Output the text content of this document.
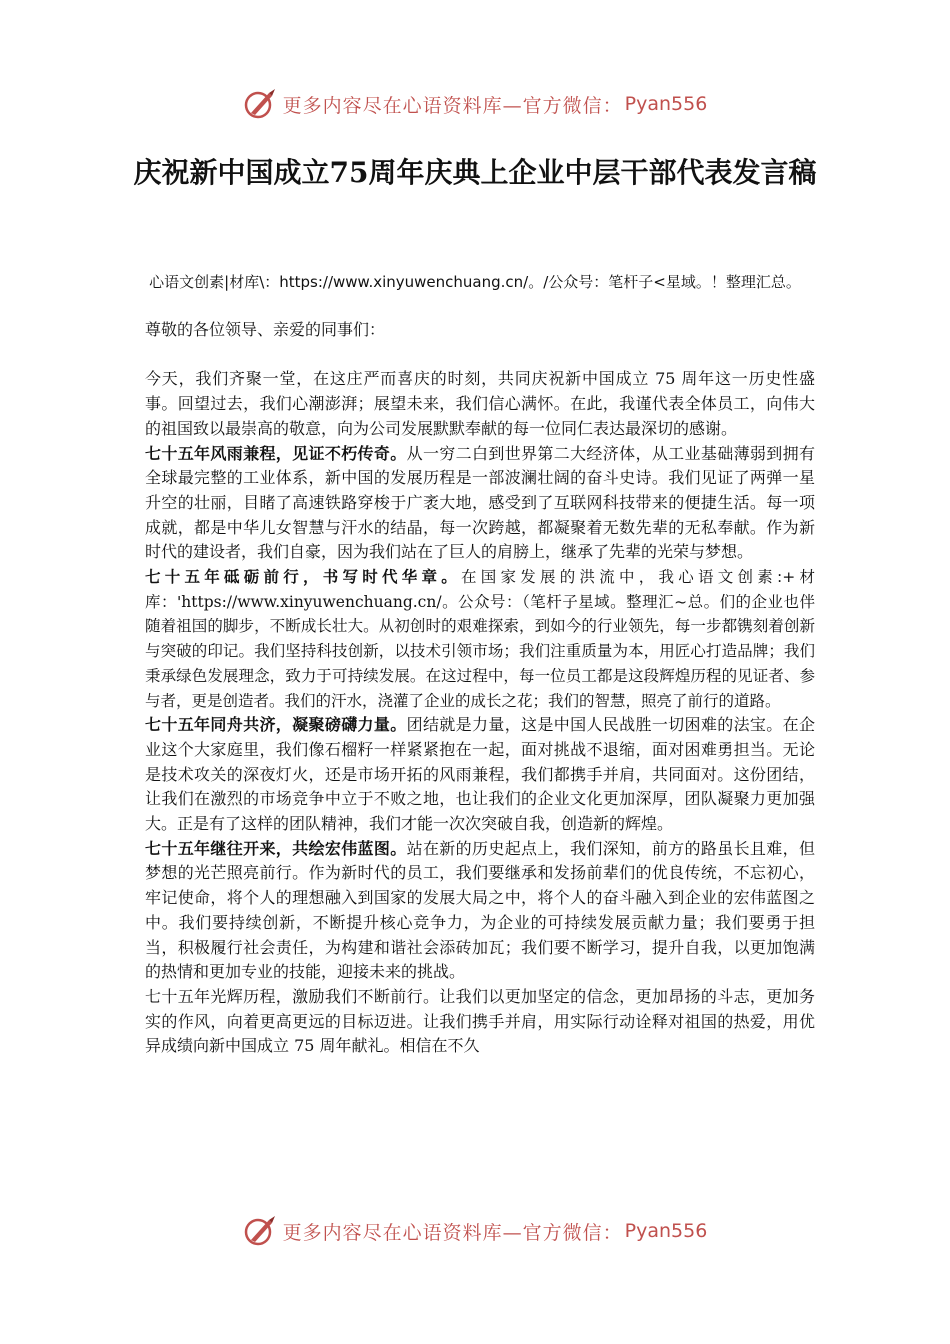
更多内容尽在心语资料库—官方微信： Pyan556
庆祝新中国成立75周年庆典上企业中层干部代表发言稿
心语文创素|材库\：https://www.xinyuwenchuang.cn/。/公众号：笔杆子<星域。！整理汇总。

尊敬的各位领导、亲爱的同事们：

今天，我们齐聚一堂，在这庄严而喜庆的时刻，共同庆祝新中国成立 75 周年这一历史性盛事。回望过去，我们心潮澎湃；展望未来，我们信心满怀。在此，我谨代表全体员工，向伟大的祖国致以最崇高的敬意，向为公司发展默默奉献的每一位同仁表达最深切的感谢。

七十五年风雨兼程，见证不朽传奇。从一穷二白到世界第二大经济体，从工业基础薄弱到拥有全球最完整的工业体系，新中国的发展历程是一部波澜壮阔的奋斗史诗。我们见证了两弹一星升空的壮丽，目睹了高速铁路穿梭于广袤大地，感受到了互联网科技带来的便捷生活。每一项成就，都是中华儿女智慧与汗水的结晶，每一次跨越，都凝聚着无数先辈的无私奉献。作为新时代的建设者，我们自豪，因为我们站在了巨人的肩膀上，继承了先辈的光荣与梦想。

七十五年砥砺前行，书写时代华章。在国家发展的洪流中，我心语文创素:+材库：'https://www.xinyuwenchuang.cn/。公众号：（笔杆子星域。整理汇~总。们的企业也伴随着祖国的脚步，不断成长壮大。从初创时的艰难探索，到如今的行业领先，每一步都镌刻着创新与突破的印记。我们坚持科技创新，以技术引领市场；我们注重质量为本，用匠心打造品牌；我们秉承绿色发展理念，致力于可持续发展。在这过程中，每一位员工都是这段辉煌历程的见证者、参与者，更是创造者。我们的汗水，浇灌了企业的成长之花；我们的智慧，照亮了前行的道路。

七十五年同舟共济，凝聚磅礴力量。团结就是力量，这是中国人民战胜一切困难的法宝。在企业这个大家庭里，我们像石榴籽一样紧紧抱在一起，面对挑战不退缩，面对困难勇担当。无论是技术攻关的深夜灯火，还是市场开拓的风雨兼程，我们都携手并肩，共同面对。这份团结，让我们在激烈的市场竞争中立于不败之地，也让我们的企业文化更加深厚，团队凝聚力更加强大。正是有了这样的团队精神，我们才能一次次突破自我，创造新的辉煌。

七十五年继往开来，共绘宏伟蓝图。站在新的历史起点上，我们深知，前方的路虽长且难，但梦想的光芒照亮前行。作为新时代的员工，我们要继承和发扬前辈们的优良传统，不忘初心，牢记使命，将个人的理想融入到国家的发展大局之中，将个人的奋斗融入到企业的宏伟蓝图之中。我们要持续创新，不断提升核心竞争力，为企业的可持续发展贡献力量；我们要勇于担当，积极履行社会责任，为构建和谐社会添砖加瓦；我们要不断学习，提升自我，以更加饱满的热情和更加专业的技能，迎接未来的挑战。

七十五年光辉历程，激励我们不断前行。让我们以更加坚定的信念，更加昂扬的斗志，更加务实的作风，向着更高更远的目标迈进。让我们携手并肩，用实际行动诠释对祖国的热爱，用优异成绩向新中国成立 75 周年献礼。相信在不久

更多内容尽在心语资料库—官方微信： Pyan556
